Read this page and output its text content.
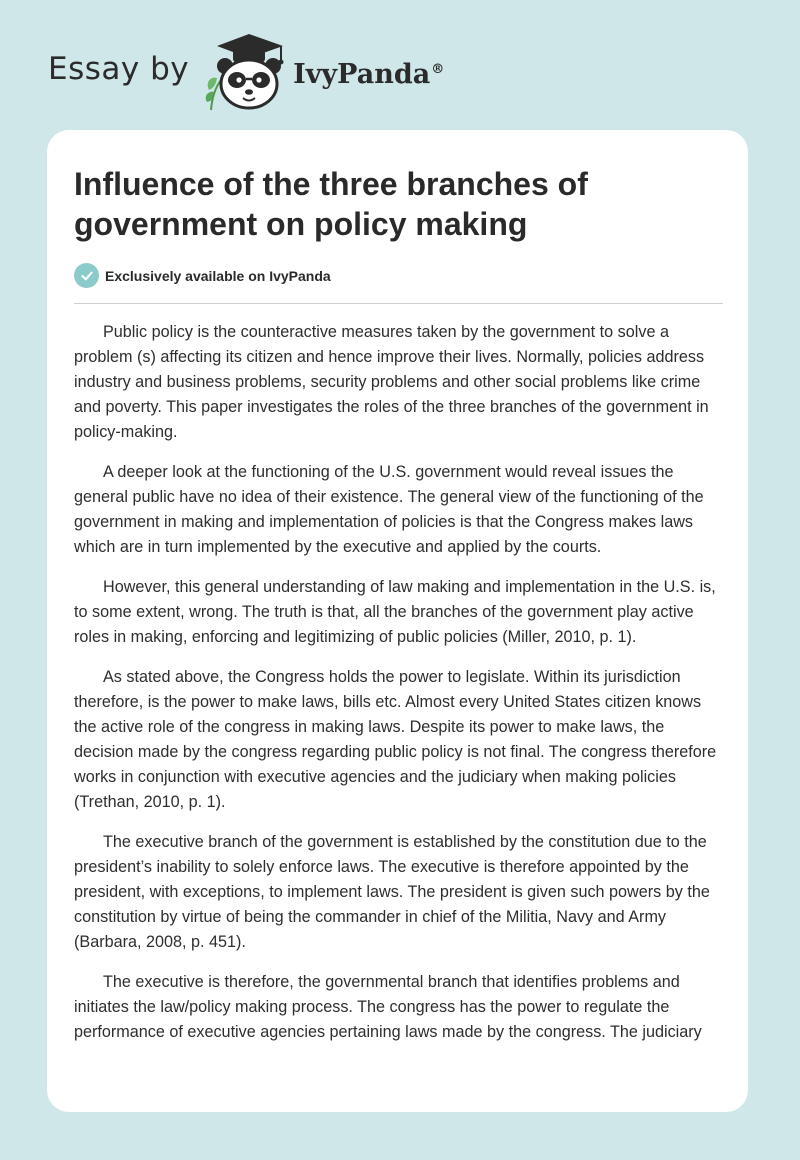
Essay by	IvyPanda®
Influence of the three branches of government on policy making
Exclusively available on IvyPanda

Public policy is the counteractive measures taken by the government to solve a problem (s) affecting its citizen and hence improve their lives. Normally, policies address industry and business problems, security problems and other social problems like crime and poverty. This paper investigates the roles of the three branches of the government in policy-making.

A deeper look at the functioning of the U.S. government would reveal issues the general public have no idea of their existence. The general view of the functioning of the government in making and implementation of policies is that the Congress makes laws which are in turn implemented by the executive and applied by the courts.

However, this general understanding of law making and implementation in the U.S. is, to some extent, wrong. The truth is that, all the branches of the government play active roles in making, enforcing and legitimizing of public policies (Miller, 2010, p. 1).

As stated above, the Congress holds the power to legislate. Within its jurisdiction therefore, is the power to make laws, bills etc. Almost every United States citizen knows the active role of the congress in making laws. Despite its power to make laws, the decision made by the congress regarding public policy is not final. The congress therefore works in conjunction with executive agencies and the judiciary when making policies (Trethan, 2010, p. 1).

The executive branch of the government is established by the constitution due to the president’s inability to solely enforce laws. The executive is therefore appointed by the president, with exceptions, to implement laws. The president is given such powers by the constitution by virtue of being the commander in chief of the Militia, Navy and Army (Barbara, 2008, p. 451).

The executive is therefore, the governmental branch that identifies problems and initiates the law/policy making process. The congress has the power to regulate the performance of executive agencies pertaining laws made by the congress. The judiciary
